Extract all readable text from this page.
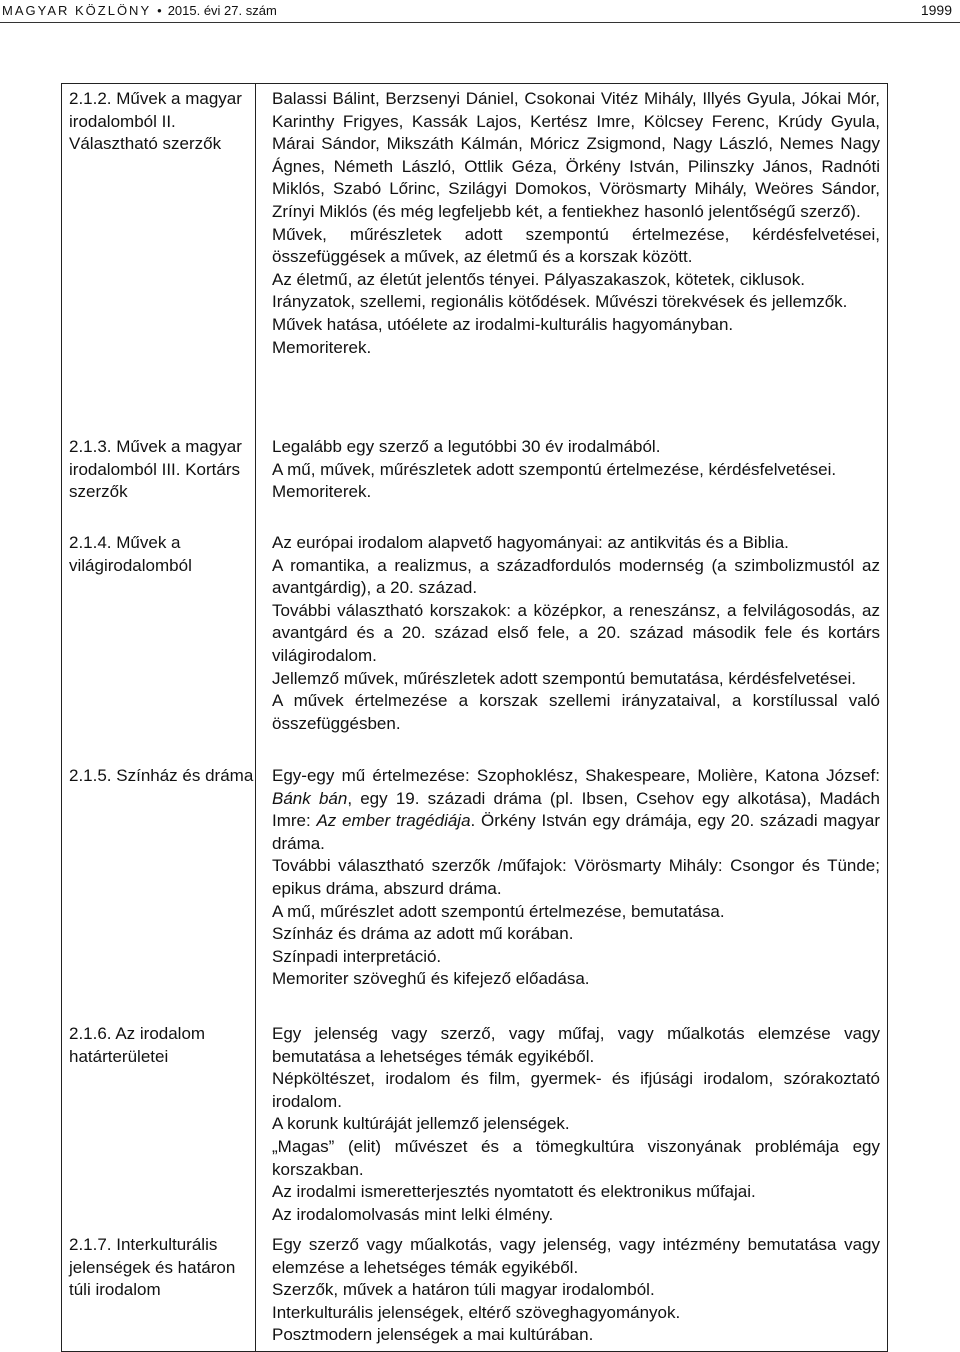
MAGYAR KÖZLÖNY • 2015. évi 27. szám	1999
2.1.2. Művek a magyar irodalomból II. Választható szerzők

Balassi Bálint, Berzsenyi Dániel, Csokonai Vitéz Mihály, Illyés Gyula, Jókai Mór, Karinthy Frigyes, Kassák Lajos, Kertész Imre, Kölcsey Ferenc, Krúdy Gyula, Márai Sándor, Mikszáth Kálmán, Móricz Zsigmond, Nagy László, Nemes Nagy Ágnes, Németh László, Ottlik Géza, Örkény István, Pilinszky János, Radnóti Miklós, Szabó Lőrinc, Szilágyi Domokos, Vörösmarty Mihály, Weöres Sándor, Zrínyi Miklós (és még legfeljebb két, a fentiekhez hasonló jelentőségű szerző).

Művek, műrészletek adott szempontú értelmezése, kérdésfelvetései, összefüggések a művek, az életmű és a korszak között.

Az életmű, az életút jelentős tényei. Pályaszakaszok, kötetek, ciklusok.

Irányzatok, szellemi, regionális kötődések. Művészi törekvések és jellemzők.

Művek hatása, utóélete az irodalmi-kulturális hagyományban.

Memoriterek.

2.1.3. Művek a magyar irodalomból III. Kortárs szerzők

Legalább egy szerző a legutóbbi 30 év irodalmából.

A mű, művek, műrészletek adott szempontú értelmezése, kérdésfelvetései.

Memoriterek.

2.1.4. Művek a világirodalomból

Az európai irodalom alapvető hagyományai: az antikvitás és a Biblia.

A romantika, a realizmus, a századfordulós modernség (a szimbolizmustól az avantgárdig), a 20. század.

További választható korszakok: a középkor, a reneszánsz, a felvilágosodás, az avantgárd és a 20. század első fele, a 20. század második fele és kortárs világirodalom.

Jellemző művek, műrészletek adott szempontú bemutatása, kérdésfelvetései.

A művek értelmezése a korszak szellemi irányzataival, a korstílussal való összefüggésben.

2.1.5. Színház és dráma Egy-egy mű értelmezése: Szophoklész, Shakespeare, Molière, Katona József: Bánk bán, egy 19. századi dráma (pl. Ibsen, Csehov egy alkotása), Madách Imre: Az ember tragédiája. Örkény István egy drámája, egy 20. századi magyar dráma.

További választható szerzők /műfajok: Vörösmarty Mihály: Csongor és Tünde; epikus dráma, abszurd dráma.

A mű, műrészlet adott szempontú értelmezése, bemutatása.

Színház és dráma az adott mű korában.

Színpadi interpretáció.

Memoriter szöveghű és kifejező előadása.

2.1.6. Az irodalom határterületei

Egy jelenség vagy szerző, vagy műfaj, vagy műalkotás elemzése vagy bemutatása a lehetséges témák egyikéből.

Népköltészet, irodalom és film, gyermek- és ifjúsági irodalom, szórakoztató irodalom.

A korunk kultúráját jellemző jelenségek.

„Magas” (elit) művészet és a tömegkultúra viszonyának problémája egy korszakban.

Az irodalmi ismeretterjesztés nyomtatott és elektronikus műfajai.

Az irodalomolvasás mint lelki élmény.

2.1.7. Interkulturális jelenségek és határon túli irodalom

Egy szerző vagy műalkotás, vagy jelenség, vagy intézmény bemutatása vagy elemzése a lehetséges témák egyikéből.

Szerzők, művek a határon túli magyar irodalomból.

Interkulturális jelenségek, eltérő szöveghagyományok.

Posztmodern jelenségek a mai kultúrában.
